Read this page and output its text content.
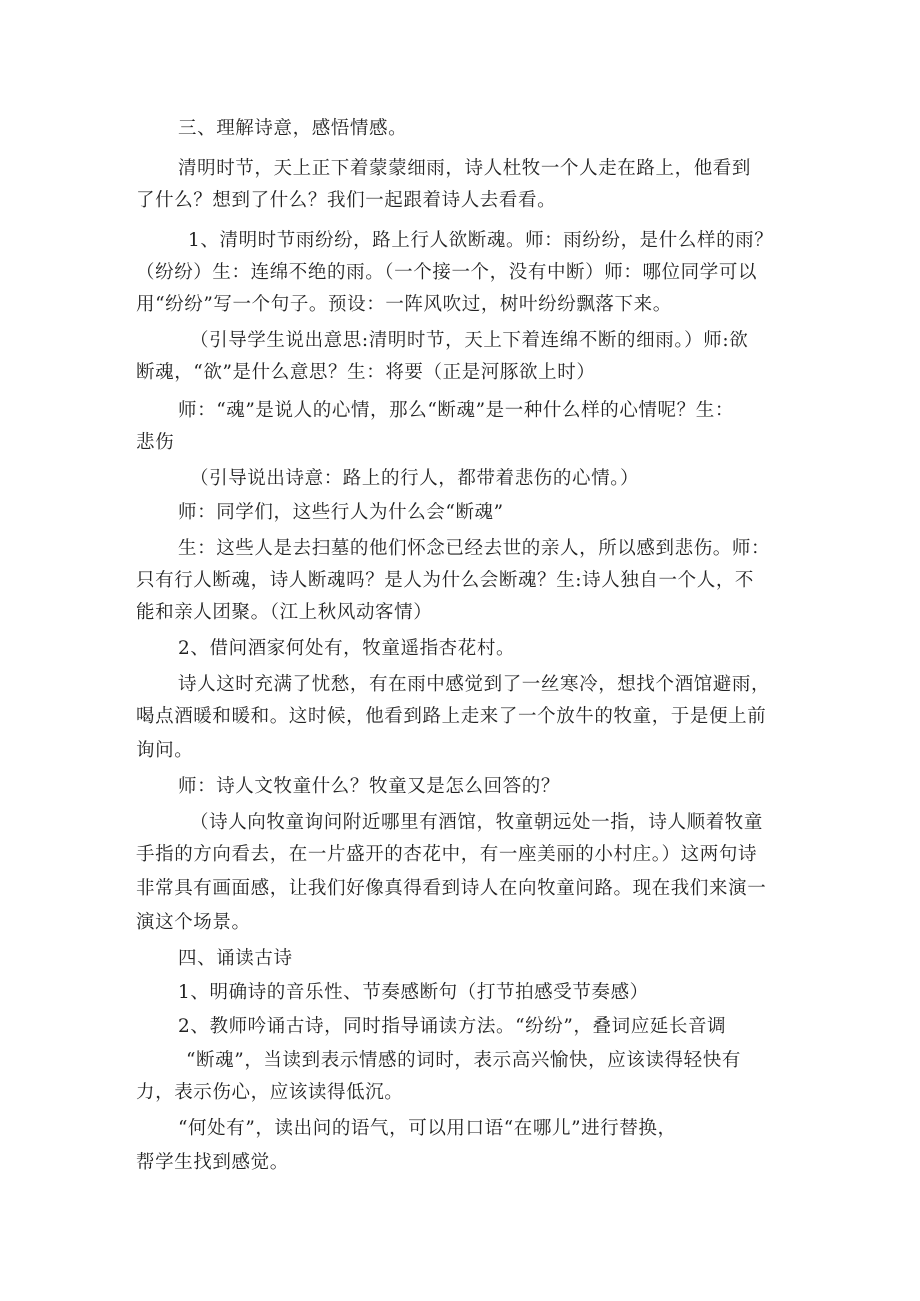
三、理解诗意，感悟情感。
清明时节，天上正下着蒙蒙细雨，诗人杜牧一个人走在路上，他看到
了什么？想到了什么？我们一起跟着诗人去看看。
1、清明时节雨纷纷，路上行人欲断魂。师：雨纷纷，是什么样的雨？
（纷纷）生：连绵不绝的雨。（一个接一个，没有中断）师：哪位同学可以
用“纷纷”写一个句子。预设：一阵风吹过，树叶纷纷飘落下来。
（引导学生说出意思:清明时节，天上下着连绵不断的细雨。）师:欲
断魂，“欲”是什么意思？生：将要（正是河豚欲上时）
师：“魂”是说人的心情，那么“断魂”是一种什么样的心情呢？生：
悲伤
（引导说出诗意：路上的行人，都带着悲伤的心情。）
师：同学们，这些行人为什么会“断魂”
生：这些人是去扫墓的他们怀念已经去世的亲人，所以感到悲伤。师：
只有行人断魂，诗人断魂吗？是人为什么会断魂？生:诗人独自一个人，不
能和亲人团聚。（江上秋风动客情）
2、借问酒家何处有，牧童遥指杏花村。
诗人这时充满了忧愁，有在雨中感觉到了一丝寒冷，想找个酒馆避雨，
喝点酒暖和暖和。这时候，他看到路上走来了一个放牛的牧童，于是便上前
询问。
师：诗人文牧童什么？牧童又是怎么回答的？
（诗人向牧童询问附近哪里有酒馆，牧童朝远处一指，诗人顺着牧童
手指的方向看去，在一片盛开的杏花中，有一座美丽的小村庄。）这两句诗
非常具有画面感，让我们好像真得看到诗人在向牧童问路。现在我们来演一
演这个场景。
四、诵读古诗
1、明确诗的音乐性、节奏感断句（打节拍感受节奏感）
2、教师吟诵古诗，同时指导诵读方法。“纷纷”，叠词应延长音调
“断魂”，当读到表示情感的词时，表示高兴愉快，应该读得轻快有
力，表示伤心，应该读得低沉。
“何处有”，读出问的语气，可以用口语“在哪儿”进行替换，
帮学生找到感觉。
